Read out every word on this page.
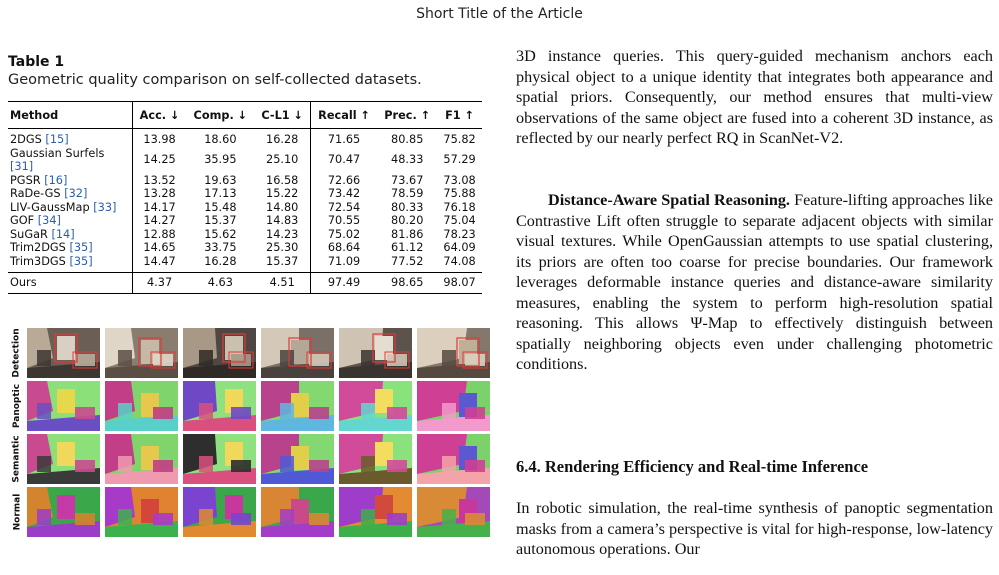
Short Title of the Article
Table 1
Geometric quality comparison on self-collected datasets.
Method	Acc. ↓	Comp. ↓	C-L1 ↓	Recall ↑	Prec. ↑	F1 ↑
2DGS [15]	13.98	18.60	16.28	71.65	80.85	75.82
Gaussian Surfels [31]	14.25	35.95	25.10	70.47	48.33	57.29
PGSR [16]	13.52	19.63	16.58	72.66	73.67	73.08
RaDe-GS [32]	13.28	17.13	15.22	73.42	78.59	75.88
LIV-GaussMap [33]	14.17	15.48	14.80	72.54	80.33	76.18
GOF [34]	14.27	15.37	14.83	70.55	80.20	75.04
SuGaR [14]	12.88	15.62	14.23	75.02	81.86	78.23
Trim2DGS [35]	14.65	33.75	25.30	68.64	61.12	64.09
Trim3DGS [35]	14.47	16.28	15.37	71.09	77.52	74.08
Ours	4.37	4.63	4.51	97.49	98.65	98.07
Detection
Panoptic
Semantic
Normal
3D instance queries. This query-guided mechanism anchors each physical object to a unique identity that integrates both appearance and spatial priors. Consequently, our method ensures that multi-view observations of the same object are fused into a coherent 3D instance, as reflected by our nearly perfect RQ in ScanNet-V2.
Distance-Aware Spatial Reasoning. Feature-lifting approaches like Contrastive Lift often struggle to separate adjacent objects with similar visual textures. While OpenGaussian attempts to use spatial clustering, its priors are often too coarse for precise boundaries. Our framework leverages deformable instance queries and distance-aware similarity measures, enabling the system to perform high-resolution spatial reasoning. This allows Ψ-Map to effectively distinguish between spatially neighboring objects even under challenging photometric conditions.
6.4. Rendering Efficiency and Real-time Inference
In robotic simulation, the real-time synthesis of panoptic segmentation masks from a camera’s perspective is vital for high-response, low-latency autonomous operations. Our
